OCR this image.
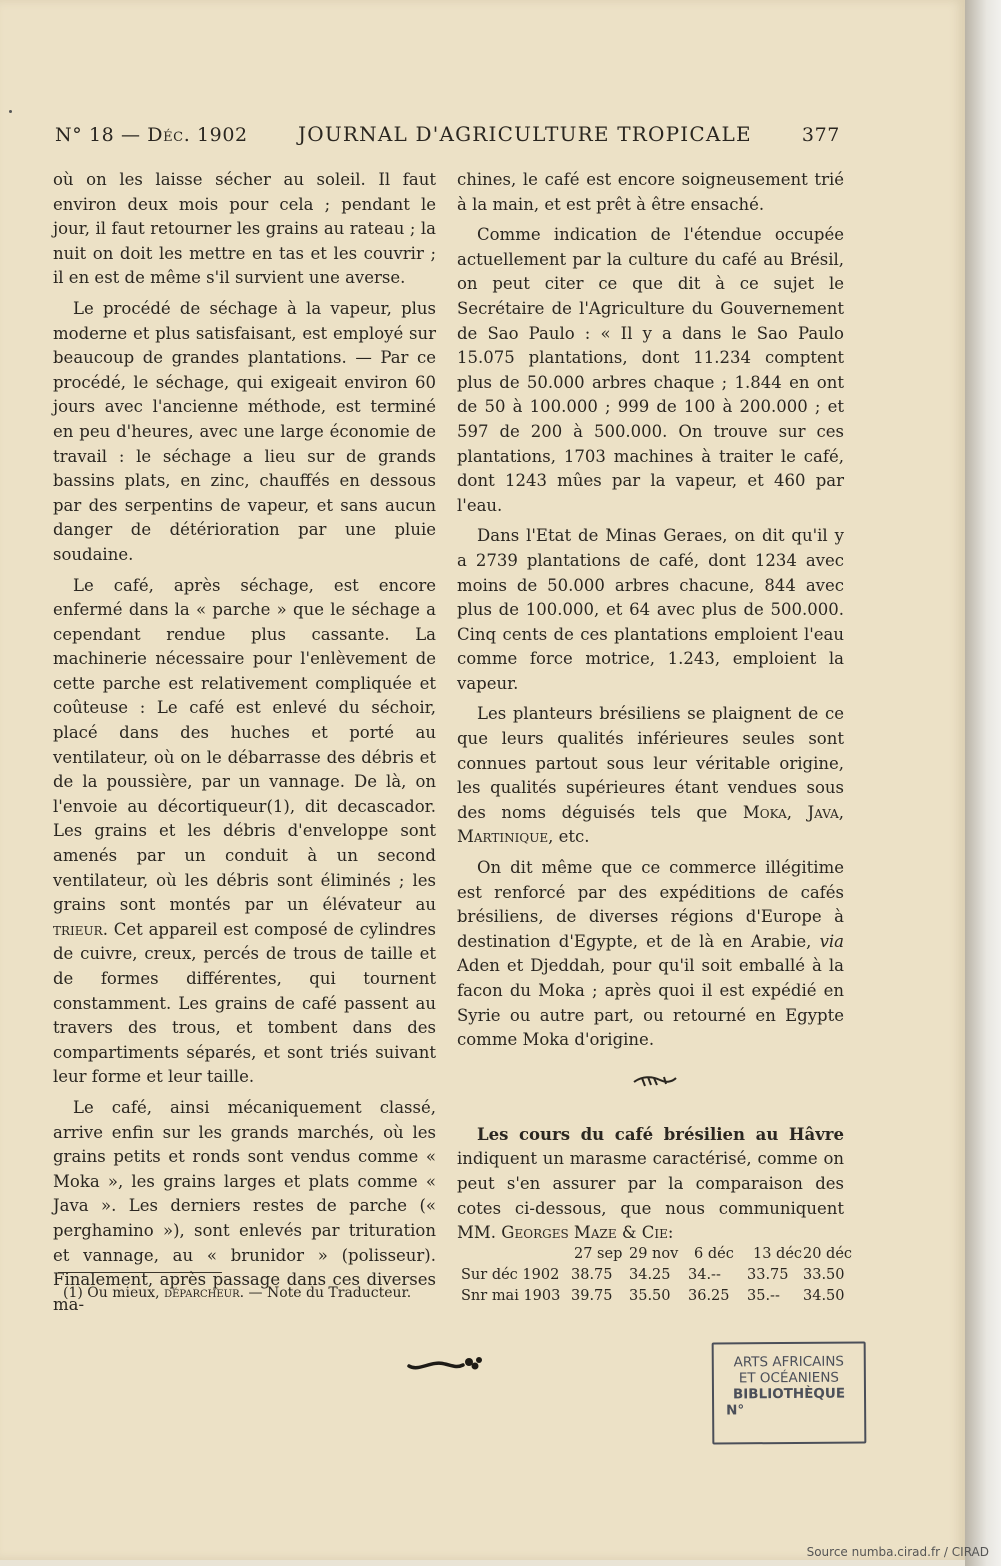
N° 18 — Déc. 1902	JOURNAL D'AGRICULTURE TROPICALE	377

où on les laisse sécher au soleil. Il faut environ deux mois pour cela ; pendant le jour, il faut retourner les grains au rateau ; la nuit on doit les mettre en tas et les couvrir ; il en est de même s'il survient une averse.

Le procédé de séchage à la vapeur, plus moderne et plus satisfaisant, est employé sur beaucoup de grandes plantations. — Par ce procédé, le séchage, qui exigeait environ 60 jours avec l'ancienne méthode, est terminé en peu d'heures, avec une large économie de travail : le séchage a lieu sur de grands bassins plats, en zinc, chauffés en dessous par des serpentins de vapeur, et sans aucun danger de détérioration par une pluie soudaine.

Le café, après séchage, est encore enfermé dans la « parche » que le séchage a cependant rendue plus cassante. La machinerie nécessaire pour l'enlèvement de cette parche est relativement compliquée et coûteuse : Le café est enlevé du séchoir, placé dans des huches et porté au ventilateur, où on le débarrasse des débris et de la poussière, par un vannage. De là, on l'envoie au décortiqueur(1), dit decascador. Les grains et les débris d'enveloppe sont amenés par un conduit à un second ventilateur, où les débris sont éliminés ; les grains sont montés par un élévateur au trieur. Cet appareil est composé de cylindres de cuivre, creux, percés de trous de taille et de formes différentes, qui tournent constamment. Les grains de café passent au travers des trous, et tombent dans des compartiments séparés, et sont triés suivant leur forme et leur taille.

Le café, ainsi mécaniquement classé, arrive enfin sur les grands marchés, où les grains petits et ronds sont vendus comme « Moka », les grains larges et plats comme « Java ». Les derniers restes de parche (« perghamino »), sont enlevés par trituration et vannage, au « brunidor » (polisseur). Finalement, après passage dans ces diverses ma-

(1) Ou mieux, déparcheur. — Note du Traducteur.

chines, le café est encore soigneusement trié à la main, et est prêt à être ensaché.

Comme indication de l'étendue occupée actuellement par la culture du café au Brésil, on peut citer ce que dit à ce sujet le Secrétaire de l'Agriculture du Gouvernement de Sao Paulo : « Il y a dans le Sao Paulo 15.075 plantations, dont 11.234 comptent plus de 50.000 arbres chaque ; 1.844 en ont de 50 à 100.000 ; 999 de 100 à 200.000 ; et 597 de 200 à 500.000. On trouve sur ces plantations, 1703 machines à traiter le café, dont 1243 mûes par la vapeur, et 460 par l'eau.

Dans l'Etat de Minas Geraes, on dit qu'il y a 2739 plantations de café, dont 1234 avec moins de 50.000 arbres chacune, 844 avec plus de 100.000, et 64 avec plus de 500.000. Cinq cents de ces plantations emploient l'eau comme force motrice, 1.243, emploient la vapeur.

Les planteurs brésiliens se plaignent de ce que leurs qualités inférieures seules sont connues partout sous leur véritable origine, les qualités supérieures étant vendues sous des noms déguisés tels que Moka, Java, Martinique, etc.

On dit même que ce commerce illégitime est renforcé par des expéditions de cafés brésiliens, de diverses régions d'Europe à destination d'Egypte, et de là en Arabie, via Aden et Djeddah, pour qu'il soit emballé à la facon du Moka ; après quoi il est expédié en Syrie ou autre part, ou retourné en Egypte comme Moka d'origine.

Les cours du café brésilien au Hâvre indiquent un marasme caractérisé, comme on peut s'en assurer par la comparaison des cotes ci-dessous, que nous communiquent MM. Georges Maze & Cie:

27 sep 29 nov 6 déc 13 déc 20 déc
Sur déc 1902 38.75 34.25 34.-- 33.75 33.50
Snr mai 1903 39.75 35.50 36.25 35.-- 34.50
ARTS AFRICAINS
ET OCÉANIENS
BIBLIOTHÈQUE
N°
Source numba.cirad.fr / CIRAD
